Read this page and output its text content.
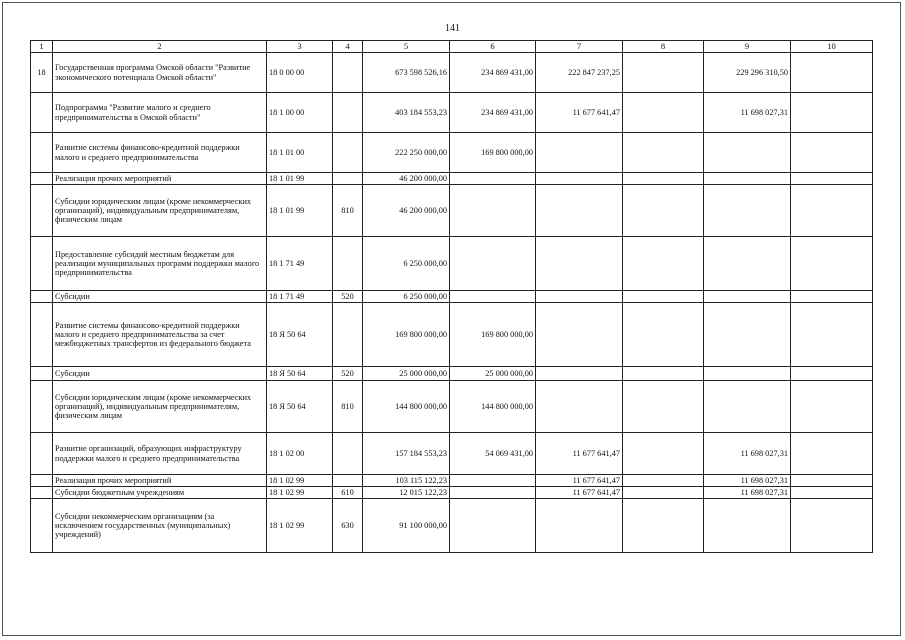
141
1	2	3	4	5	6	7	8	9	10
18	Государственная программа Омской области "Развитие экономического потенциала Омской области"	18 0 00 00		673 598 526,16	234 869 431,00	222 847 237,25		229 296 310,50	
	Подпрограмма "Развитие малого и среднего предпринимательства в Омской области"	18 1 00 00		403 184 553,23	234 869 431,00	11 677 641,47		11 698 027,31	
	Развитие системы финансово-кредитной поддержки малого и среднего предпринимательства	18 1 01 00		222 250 000,00	169 800 000,00				
	Реализация прочих мероприятий	18 1 01 99		46 200 000,00					
	Субсидии юридическим лицам (кроме некоммерческих организаций), индивидуальным предпринимателям, физическим лицам	18 1 01 99	810	46 200 000,00					
	Предоставление субсидий местным бюджетам для реализации муниципальных программ поддержки малого предпринимательства	18 1 71 49		6 250 000,00					
	Субсидии	18 1 71 49	520	6 250 000,00					
	Развитие системы финансово-кредитной поддержки малого и среднего предпринимательства за счет межбюджетных трансфертов из федерального бюджета	18 Я 50 64		169 800 000,00	169 800 000,00				
	Субсидии	18 Я 50 64	520	25 000 000,00	25 000 000,00				
	Субсидии юридическим лицам (кроме некоммерческих организаций), индивидуальным предпринимателям, физическим лицам	18 Я 50 64	810	144 800 000,00	144 800 000,00				
	Развитие организаций, образующих инфраструктуру поддержки малого и среднего предпринимательства	18 1 02 00		157 184 553,23	54 069 431,00	11 677 641,47		11 698 027,31	
	Реализация прочих мероприятий	18 1 02 99		103 115 122,23		11 677 641,47		11 698 027,31	
	Субсидии бюджетным учреждениям	18 1 02 99	610	12 015 122,23		11 677 641,47		11 698 027,31	
	Субсидии некоммерческим организациям (за исключением государственных (муниципальных) учреждений)	18 1 02 99	630	91 100 000,00					
